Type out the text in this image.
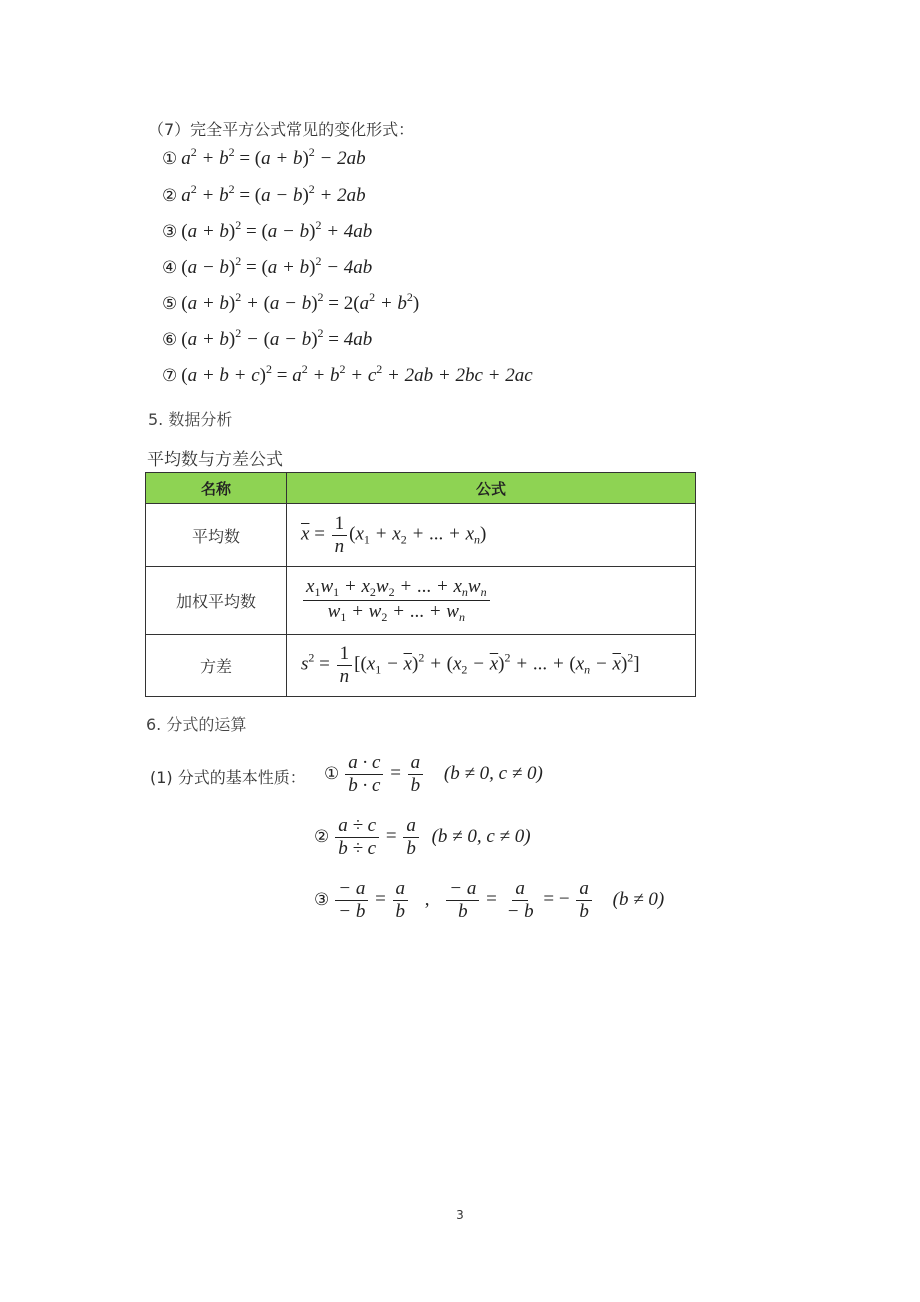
（7）完全平方公式常见的变化形式：
① $a^2 + b^2 = (a + b)^2 - 2ab$
② $a^2 + b^2 = (a - b)^2 + 2ab$
③ $(a + b)^2 = (a - b)^2 + 4ab$
④ $(a - b)^2 = (a + b)^2 - 4ab$
⑤ $(a + b)^2 + (a - b)^2 = 2(a^2 + b^2)$
⑥ $(a + b)^2 - (a - b)^2 = 4ab$
⑦ $(a + b + c)^2 = a^2 + b^2 + c^2 + 2ab + 2bc + 2ac$
5. 数据分析
平均数与方差公式
名称	公式
平均数	$\overline{x} = \frac{1}{n} (x_1 + x_2$ + ... + $x_n$)
加权平均数	$\frac{x_1w_1 + x_2w_2 + ... + x_nw_n}{w_1 + w_2 + ... + w_n}$

方差	$s^2 = \frac{1}{n} [(x_1 - \overline{x})^2 + (x_2 - \overline{x})^2$ + ... + $(x_n - \overline{x})^2$]
6. 分式的运算
(1) 分式的基本性质： ① $\frac{a \cdot c}{b \cdot c} = \frac{a}{b} (b \ne 0$, c ≠ 0)
② $\frac{a \div c}{b \div c} = \frac{a}{b} (b \ne 0$, c ≠ 0)
③ $\frac{- a}{- b} = \frac{a}{b}$ , $\frac{- a}{b} = \frac{a}{- b}$ = − $\frac{a}{b} (b \ne 0)$
3
